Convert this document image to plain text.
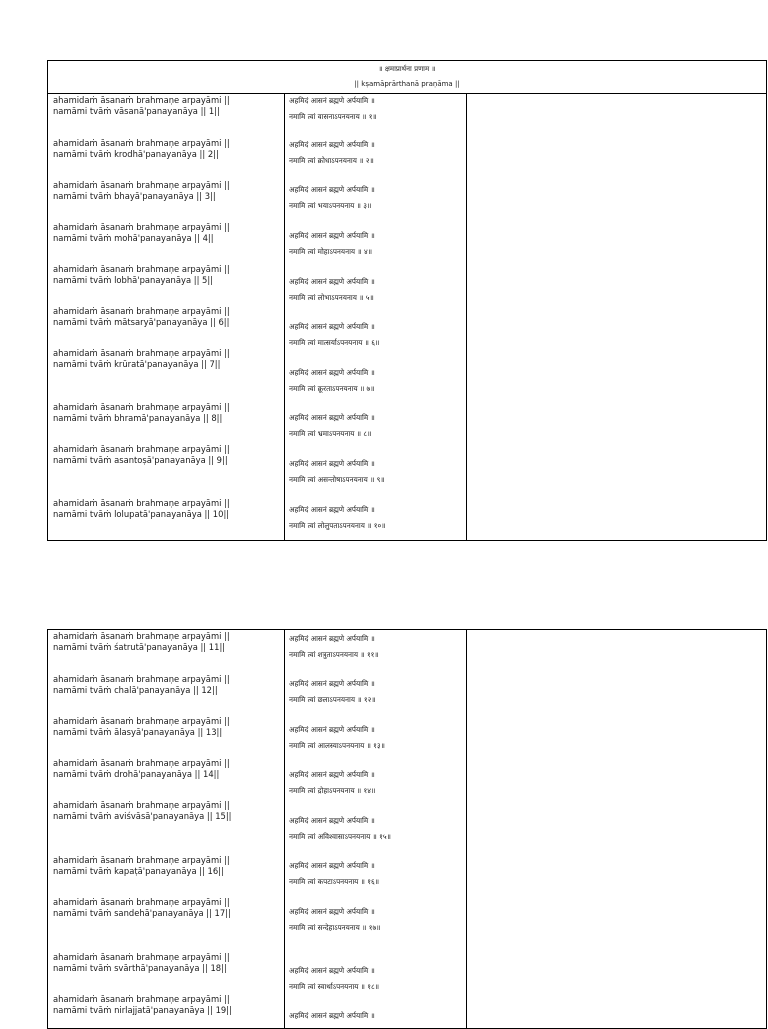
॥ क्षमाप्रार्थना प्रणाम ॥
|| kṣamāprārthanā praṇāma ||
ahamidaṁ āsanaṁ brahmaṇe arpayāmi ||
namāmi tvāṁ vāsanā'panayanāya || 1||
ahamidaṁ āsanaṁ brahmaṇe arpayāmi ||
namāmi tvāṁ krodhā'panayanāya || 2||
ahamidaṁ āsanaṁ brahmaṇe arpayāmi ||
namāmi tvāṁ bhayā'panayanāya || 3||
ahamidaṁ āsanaṁ brahmaṇe arpayāmi ||
namāmi tvāṁ mohā'panayanāya || 4||
ahamidaṁ āsanaṁ brahmaṇe arpayāmi ||
namāmi tvāṁ lobhā'panayanāya || 5||
ahamidaṁ āsanaṁ brahmaṇe arpayāmi ||
namāmi tvāṁ mātsaryā'panayanāya || 6||
ahamidaṁ āsanaṁ brahmaṇe arpayāmi ||
namāmi tvāṁ krūratā'panayanāya || 7||
ahamidaṁ āsanaṁ brahmaṇe arpayāmi ||
namāmi tvāṁ bhramā'panayanāya || 8||
ahamidaṁ āsanaṁ brahmaṇe arpayāmi ||
namāmi tvāṁ asantoṣā'panayanāya || 9||
ahamidaṁ āsanaṁ brahmaṇe arpayāmi ||
namāmi tvāṁ lolupatā'panayanāya || 10||
अहमिदं आसनं ब्रह्मणे अर्पयामि ॥
नमामि त्वां वासनाऽपनयनाय ॥ १॥
अहमिदं आसनं ब्रह्मणे अर्पयामि ॥
नमामि त्वां क्रोधाऽपनयनाय ॥ २॥
अहमिदं आसनं ब्रह्मणे अर्पयामि ॥
नमामि त्वां भयाऽपनयनाय ॥ ३॥
अहमिदं आसनं ब्रह्मणे अर्पयामि ॥
नमामि त्वां मोहाऽपनयनाय ॥ ४॥
अहमिदं आसनं ब्रह्मणे अर्पयामि ॥
नमामि त्वां लोभाऽपनयनाय ॥ ५॥
अहमिदं आसनं ब्रह्मणे अर्पयामि ॥
नमामि त्वां मात्सर्याऽपनयनाय ॥ ६॥
अहमिदं आसनं ब्रह्मणे अर्पयामि ॥
नमामि त्वां क्रूरताऽपनयनाय ॥ ७॥
अहमिदं आसनं ब्रह्मणे अर्पयामि ॥
नमामि त्वां भ्रमाऽपनयनाय ॥ ८॥
अहमिदं आसनं ब्रह्मणे अर्पयामि ॥
नमामि त्वां असन्तोषाऽपनयनाय ॥ ९॥
अहमिदं आसनं ब्रह्मणे अर्पयामि ॥
नमामि त्वां लोलुपताऽपनयनाय ॥ १०॥
ahamidaṁ āsanaṁ brahmaṇe arpayāmi ||
namāmi tvāṁ śatrutā'panayanāya || 11||
ahamidaṁ āsanaṁ brahmaṇe arpayāmi ||
namāmi tvāṁ chalā'panayanāya || 12||
ahamidaṁ āsanaṁ brahmaṇe arpayāmi ||
namāmi tvāṁ ālasyā'panayanāya || 13||
ahamidaṁ āsanaṁ brahmaṇe arpayāmi ||
namāmi tvāṁ drohā'panayanāya || 14||
ahamidaṁ āsanaṁ brahmaṇe arpayāmi ||
namāmi tvāṁ aviśvāsā'panayanāya || 15||
ahamidaṁ āsanaṁ brahmaṇe arpayāmi ||
namāmi tvāṁ kapaṭā'panayanāya || 16||
ahamidaṁ āsanaṁ brahmaṇe arpayāmi ||
namāmi tvāṁ sandehā'panayanāya || 17||
ahamidaṁ āsanaṁ brahmaṇe arpayāmi ||
namāmi tvāṁ svārthā'panayanāya || 18||
ahamidaṁ āsanaṁ brahmaṇe arpayāmi ||
namāmi tvāṁ nirlajjatā'panayanāya || 19||
अहमिदं आसनं ब्रह्मणे अर्पयामि ॥
नमामि त्वां शत्रुताऽपनयनाय ॥ ११॥
अहमिदं आसनं ब्रह्मणे अर्पयामि ॥
नमामि त्वां छलाऽपनयनाय ॥ १२॥
अहमिदं आसनं ब्रह्मणे अर्पयामि ॥
नमामि त्वां आलस्याऽपनयनाय ॥ १३॥
अहमिदं आसनं ब्रह्मणे अर्पयामि ॥
नमामि त्वां द्रोहाऽपनयनाय ॥ १४॥
अहमिदं आसनं ब्रह्मणे अर्पयामि ॥
नमामि त्वां अविश्वासाऽपनयनाय ॥ १५॥
अहमिदं आसनं ब्रह्मणे अर्पयामि ॥
नमामि त्वां कपटाऽपनयनाय ॥ १६॥
अहमिदं आसनं ब्रह्मणे अर्पयामि ॥
नमामि त्वां सन्देहाऽपनयनाय ॥ १७॥
अहमिदं आसनं ब्रह्मणे अर्पयामि ॥
नमामि त्वां स्वार्थाऽपनयनाय ॥ १८॥
अहमिदं आसनं ब्रह्मणे अर्पयामि ॥
